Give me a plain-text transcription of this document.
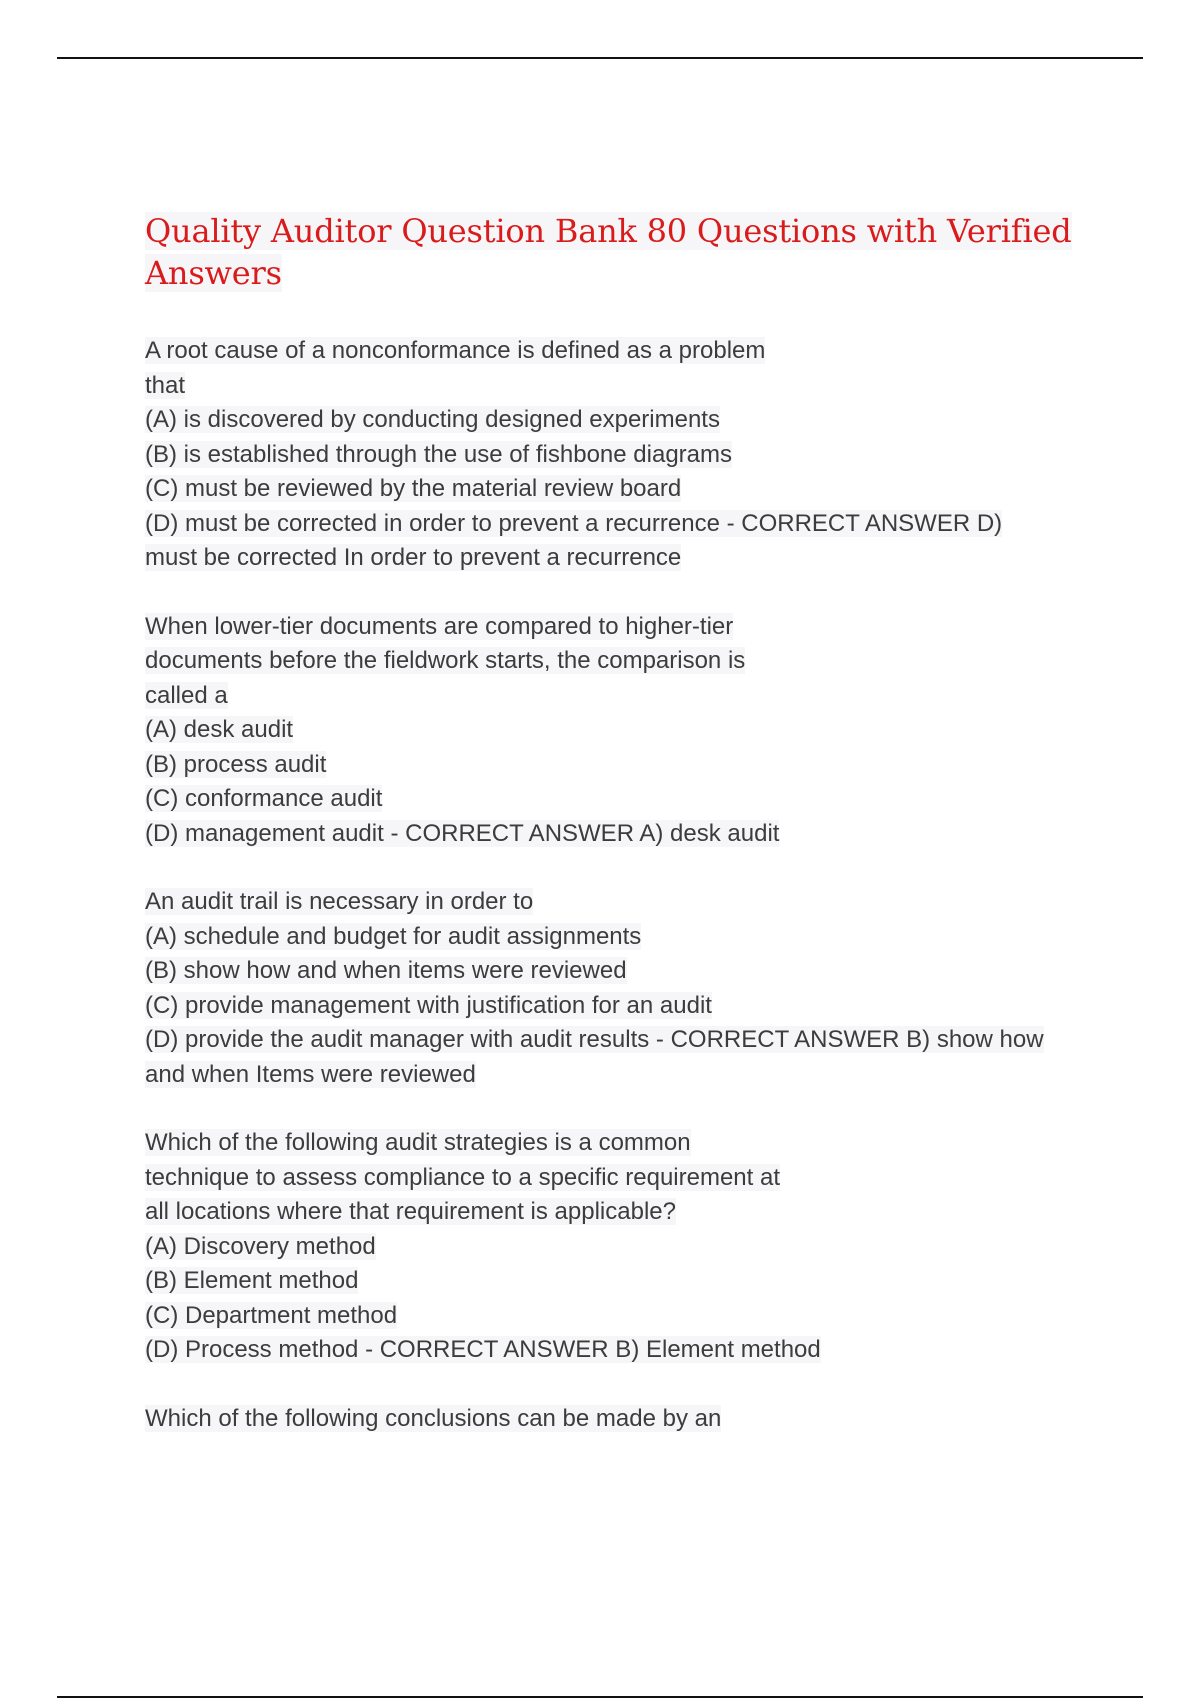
Quality Auditor Question Bank 80 Questions with Verified
Answers
A root cause of a nonconformance is defined as a problem
that
(A) is discovered by conducting designed experiments
(B) is established through the use of fishbone diagrams
(C) must be reviewed by the material review board
(D) must be corrected in order to prevent a recurrence - CORRECT ANSWER D)
must be corrected In order to prevent a recurrence
When lower-tier documents are compared to higher-tier
documents before the fieldwork starts, the comparison is
called a
(A) desk audit
(B) process audit
(C) conformance audit
(D) management audit - CORRECT ANSWER A) desk audit
An audit trail is necessary in order to
(A) schedule and budget for audit assignments
(B) show how and when items were reviewed
(C) provide management with justification for an audit
(D) provide the audit manager with audit results - CORRECT ANSWER B) show how
and when Items were reviewed
Which of the following audit strategies is a common
technique to assess compliance to a specific requirement at
all locations where that requirement is applicable?
(A) Discovery method
(B) Element method
(C) Department method
(D) Process method - CORRECT ANSWER B) Element method
Which of the following conclusions can be made by an
